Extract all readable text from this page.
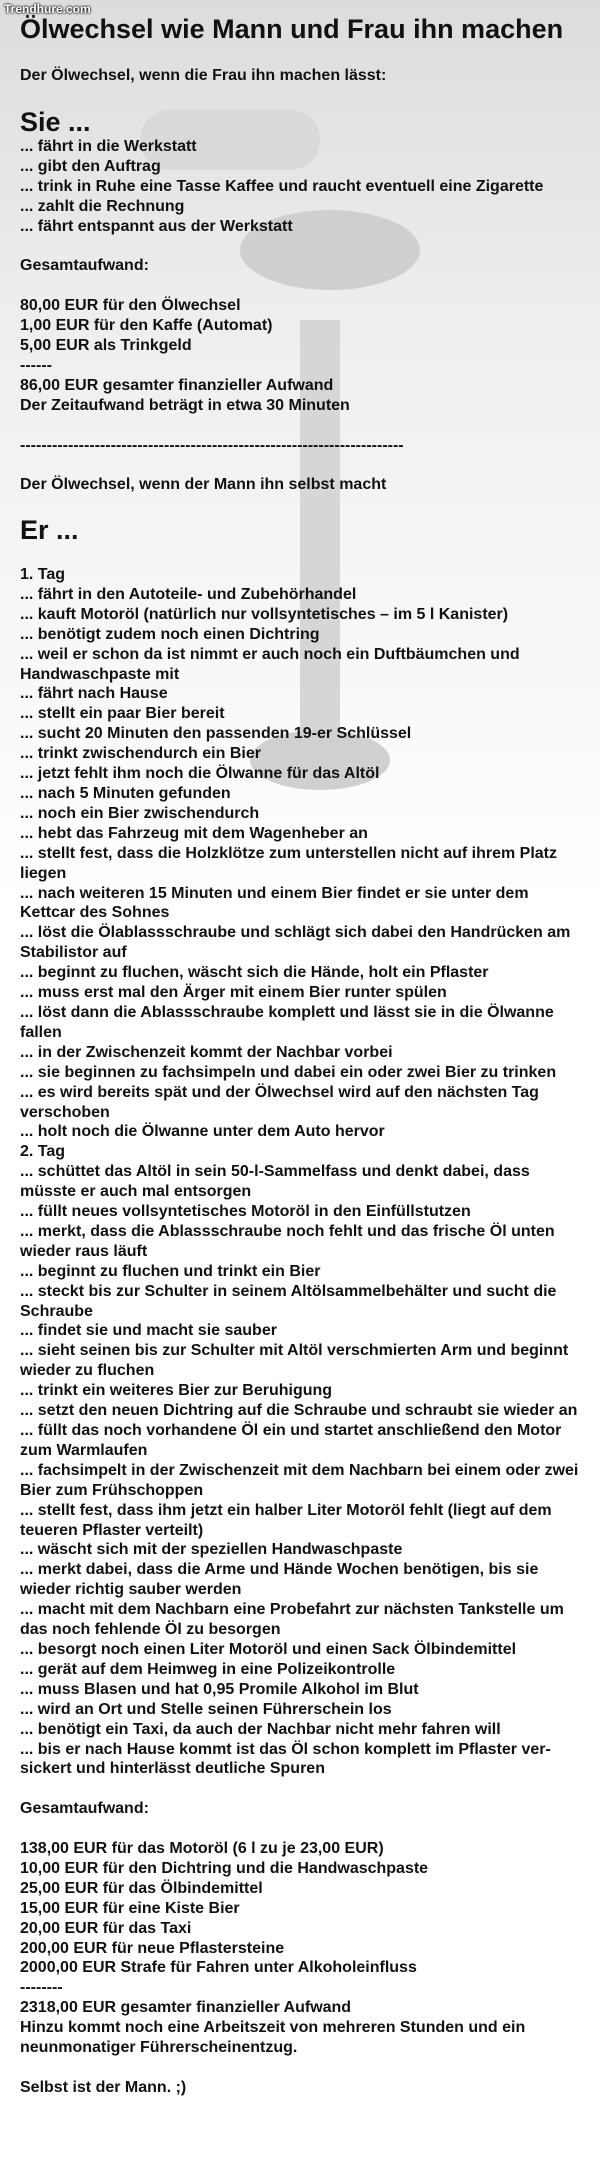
Trendhure.com
Ölwechsel wie Mann und Frau ihn machen
Der Ölwechsel, wenn die Frau ihn machen lässt:
Sie ...
... fährt in die Werkstatt
... gibt den Auftrag
... trink in Ruhe eine Tasse Kaffee und raucht eventuell eine Zigarette
... zahlt die Rechnung
... fährt entspannt aus der Werkstatt
Gesamtaufwand:
80,00 EUR für den Ölwechsel
1,00 EUR für den Kaffe (Automat)
5,00 EUR als Trinkgeld
------
86,00 EUR gesamter finanzieller Aufwand
Der Zeitaufwand beträgt in etwa 30 Minuten
------------------------------------------------------------------------
Der Ölwechsel, wenn der Mann ihn selbst macht
Er ...
1. Tag
... fährt in den Autoteile- und Zubehörhandel
... kauft Motoröl (natürlich nur vollsyntetisches – im 5 l Kanister)
... benötigt zudem noch einen Dichtring
... weil er schon da ist nimmt er auch noch ein Duftbäumchen und Handwaschpaste mit
... fährt nach Hause
... stellt ein paar Bier bereit
... sucht 20 Minuten den passenden 19-er Schlüssel
... trinkt zwischendurch ein Bier
... jetzt fehlt ihm noch die Ölwanne für das Altöl
... nach 5 Minuten gefunden
... noch ein Bier zwischendurch
... hebt das Fahrzeug mit dem Wagenheber an
... stellt fest, dass die Holzklötze zum unterstellen nicht auf ihrem Platz liegen
... nach weiteren 15 Minuten und einem Bier findet er sie unter dem Kettcar des Sohnes
... löst die Ölablassschraube und schlägt sich dabei den Handrücken am Stabilistor auf
... beginnt zu fluchen, wäscht sich die Hände, holt ein Pflaster
... muss erst mal den Ärger mit einem Bier runter spülen
... löst dann die Ablassschraube komplett und lässt sie in die Ölwanne fallen
... in der Zwischenzeit kommt der Nachbar vorbei
... sie beginnen zu fachsimpeln und dabei ein oder zwei Bier zu trinken
... es wird bereits spät und der Ölwechsel wird auf den nächsten Tag verschoben
... holt noch die Ölwanne unter dem Auto hervor
2. Tag
... schüttet das Altöl in sein 50-l-Sammelfass und denkt dabei, dass müsste er auch mal entsorgen
... füllt neues vollsyntetisches Motoröl in den Einfüllstutzen
... merkt, dass die Ablassschraube noch fehlt und das frische Öl unten wieder raus läuft
... beginnt zu fluchen und trinkt ein Bier
... steckt bis zur Schulter in seinem Altölsammelbehälter und sucht die Schraube
... findet sie und macht sie sauber
... sieht seinen bis zur Schulter mit Altöl verschmierten Arm und beginnt wieder zu fluchen
... trinkt ein weiteres Bier zur Beruhigung
... setzt den neuen Dichtring auf die Schraube und schraubt sie wieder an
... füllt das noch vorhandene Öl ein und startet anschließend den Motor zum Warmlaufen
... fachsimpelt in der Zwischenzeit mit dem Nachbarn bei einem oder zwei Bier zum Frühschoppen
... stellt fest, dass ihm jetzt ein halber Liter Motoröl fehlt (liegt auf dem teueren Pflaster verteilt)
... wäscht sich mit der speziellen Handwaschpaste
... merkt dabei, dass die Arme und Hände Wochen benötigen, bis sie wieder richtig sauber werden
... macht mit dem Nachbarn eine Probefahrt zur nächsten Tankstelle um das noch fehlende Öl zu besorgen
... besorgt noch einen Liter Motoröl und einen Sack Ölbindemittel
... gerät auf dem Heimweg in eine Polizeikontrolle
... muss Blasen und hat 0,95 Promile Alkohol im Blut
... wird an Ort und Stelle seinen Führerschein los
... benötigt ein Taxi, da auch der Nachbar nicht mehr fahren will
... bis er nach Hause kommt ist das Öl schon komplett im Pflaster ver-sickert und hinterlässt deutliche Spuren
Gesamtaufwand:
138,00 EUR für das Motoröl (6 l zu je 23,00 EUR)
10,00 EUR für den Dichtring und die Handwaschpaste
25,00 EUR für das Ölbindemittel
15,00 EUR für eine Kiste Bier
20,00 EUR für das Taxi
200,00 EUR für neue Pflastersteine
2000,00 EUR Strafe für Fahren unter Alkoholeinfluss
--------
2318,00 EUR gesamter finanzieller Aufwand
Hinzu kommt noch eine Arbeitszeit von mehreren Stunden und ein neunmonatiger Führerscheinentzug.
Selbst ist der Mann. ;)
